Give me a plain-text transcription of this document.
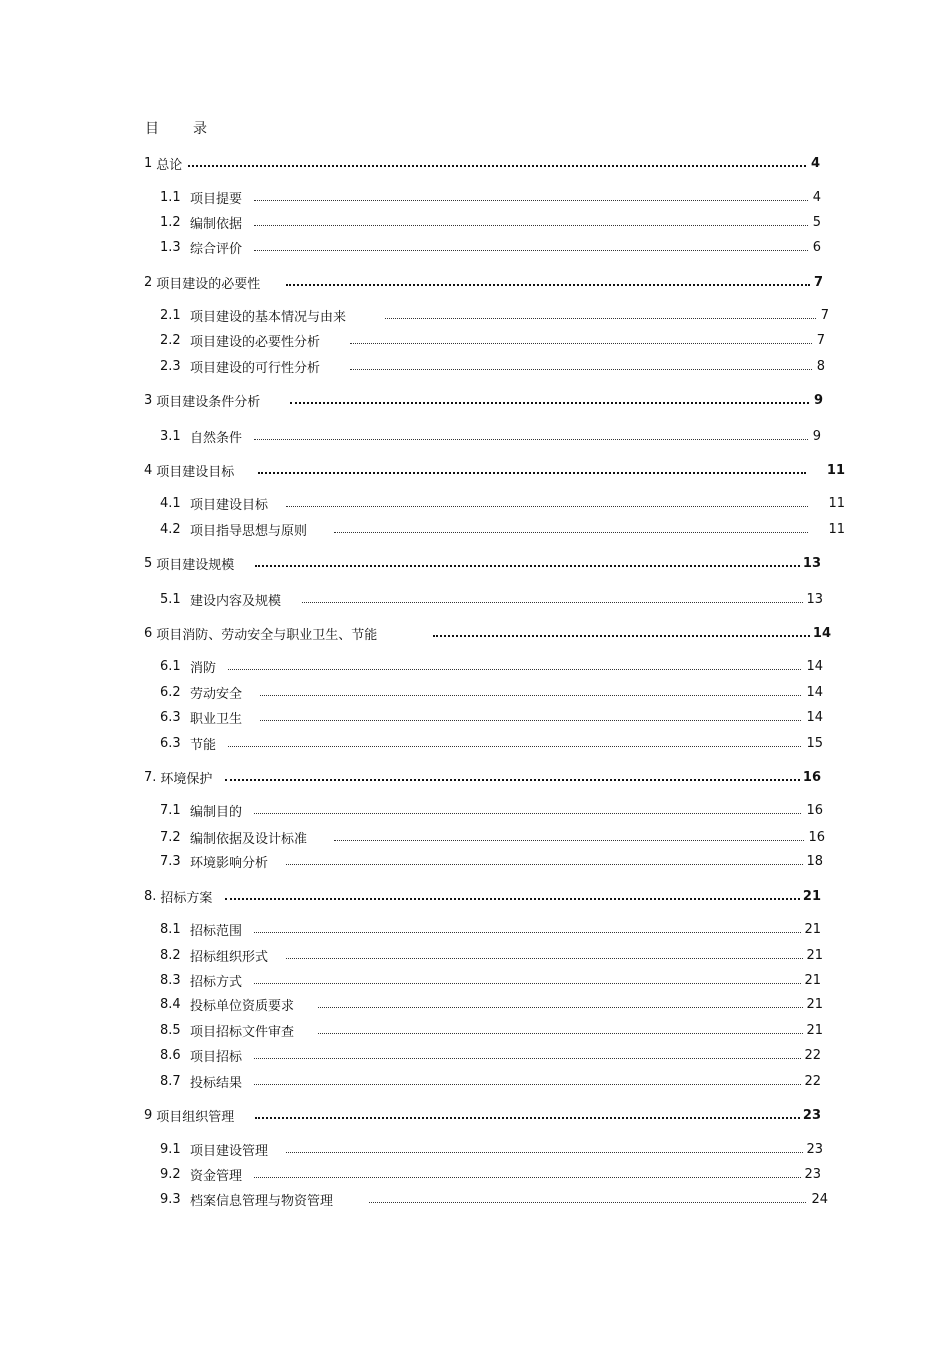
目 录
1 总论	4
1.1 项目提要	4
1.2 编制依据	5
1.3 综合评价	6
2 项目建设的必要性	7
2.1 项目建设的基本情况与由来	7
2.2 项目建设的必要性分析	7
2.3 项目建设的可行性分析	8
3 项目建设条件分析	9
3.1 自然条件	9
4 项目建设目标	11
4.1 项目建设目标	11
4.2 项目指导思想与原则	11
5 项目建设规模	13
5.1 建设内容及规模	13
6 项目消防、劳动安全与职业卫生、节能	14
6.1 消防	14
6.2 劳动安全	14
6.3 职业卫生	14
6.3 节能	15
7. 环境保护	16
7.1 编制目的	16
7.2 编制依据及设计标准	16
7.3 环境影响分析	18
8. 招标方案	21
8.1 招标范围	21
8.2 招标组织形式	21
8.3 招标方式	21
8.4 投标单位资质要求	21
8.5 项目招标文件审查	21
8.6 项目招标	22
8.7 投标结果	22
9 项目组织管理	23
9.1 项目建设管理	23
9.2 资金管理	23
9.3 档案信息管理与物资管理	24
